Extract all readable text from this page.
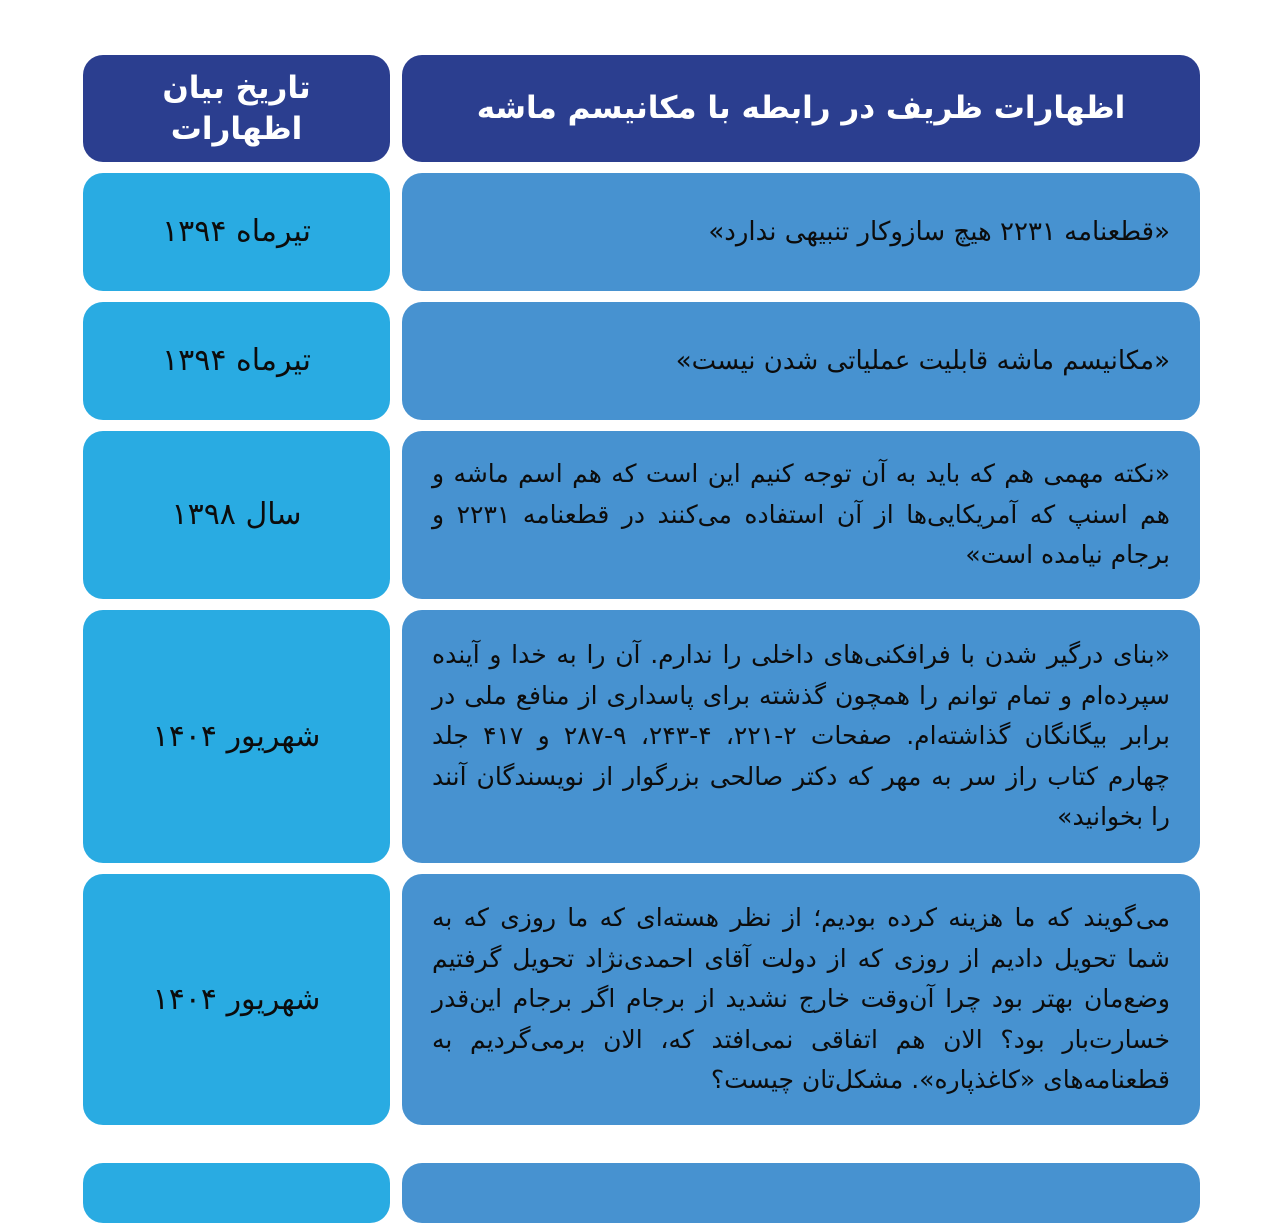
اظهارات ظریف در رابطه با مکانیسم ماشه

تاریخ بیان اظهارات

«قطعنامه ۲۲۳۱ هیچ سازوکار تنبیهی ندارد»

تیرماه ۱۳۹۴

«مکانیسم ماشه قابلیت عملیاتی شدن نیست»

تیرماه ۱۳۹۴

«نکته مهمی هم که باید به آن توجه کنیم این است که هم اسم ماشه و هم اسنپ که آمریکایی‌ها از آن استفاده می‌کنند در قطعنامه ۲۲۳۱ و برجام نیامده است»

سال ۱۳۹۸

«بنای درگیر شدن با فرافکنی‌های داخلی را ندارم. آن را به خدا و آینده سپرده‌ام و تمام توانم را همچون گذشته برای پاسداری از منافع ملی در برابر بیگانگان گذاشته‌ام. صفحات ⁦۲۲۱-۲⁩، ⁦۲۴۳-۴⁩، ⁦۲۸۷-۹⁩ و ۴۱۷ جلد چهارم کتاب راز سر به مهر که دکتر صالحی بزرگوار از نویسندگان آنند را بخوانید»

شهریور ۱۴۰۴

می‌گویند که ما هزینه کرده بودیم؛ از نظر هسته‌ای که ما روزی که به شما تحویل دادیم از روزی که از دولت آقای احمدی‌نژاد تحویل گرفتیم وضع‌مان بهتر بود چرا آن‌وقت خارج نشدید از برجام اگر برجام این‌قدر خسارت‌بار بود؟ الان هم اتفاقی نمی‌افتد که، الان برمی‌گردیم به قطعنامه‌های «کاغذپاره». مشکل‌تان چیست؟

شهریور ۱۴۰۴
